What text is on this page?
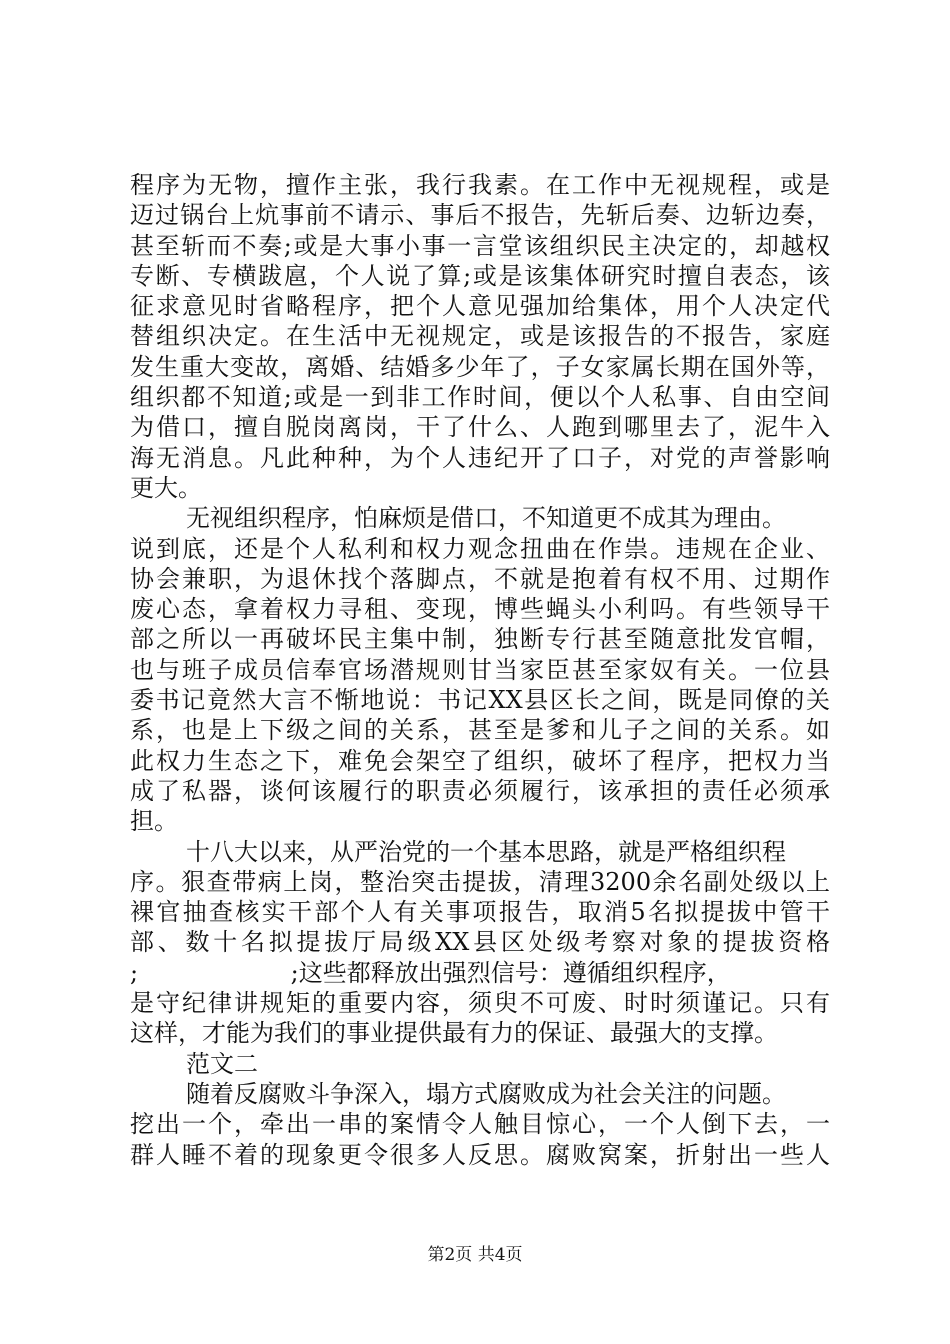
程序为无物，擅作主张，我行我素。在工作中无视规程，或是
迈过锅台上炕事前不请示、事后不报告，先斩后奏、边斩边奏，
甚至斩而不奏;或是大事小事一言堂该组织民主决定的，却越权
专断、专横跋扈，个人说了算;或是该集体研究时擅自表态，该
征求意见时省略程序，把个人意见强加给集体，用个人决定代
替组织决定。在生活中无视规定，或是该报告的不报告，家庭
发生重大变故，离婚、结婚多少年了，子女家属长期在国外等，
组织都不知道;或是一到非工作时间，便以个人私事、自由空间
为借口，擅自脱岗离岗，干了什么、人跑到哪里去了，泥牛入
海无消息。凡此种种，为个人违纪开了口子，对党的声誉影响
更大。
无视组织程序，怕麻烦是借口，不知道更不成其为理由。
说到底，还是个人私利和权力观念扭曲在作祟。违规在企业、
协会兼职，为退休找个落脚点，不就是抱着有权不用、过期作
废心态，拿着权力寻租、变现，博些蝇头小利吗。有些领导干
部之所以一再破坏民主集中制，独断专行甚至随意批发官帽，
也与班子成员信奉官场潜规则甘当家臣甚至家奴有关。一位县
委书记竟然大言不惭地说：书记XX县区长之间，既是同僚的关
系，也是上下级之间的关系，甚至是爹和儿子之间的关系。如
此权力生态之下，难免会架空了组织，破坏了程序，把权力当
成了私器，谈何该履行的职责必须履行，该承担的责任必须承
担。
十八大以来，从严治党的一个基本思路，就是严格组织程
序。狠查带病上岗，整治突击提拔，清理3200余名副处级以上
裸官抽查核实干部个人有关事项报告，取消5名拟提拔中管干
部、数十名拟提拔厅局级XX县区处级考察对象的提拔资格
;                    ;这些都释放出强烈信号：遵循组织程序，
是守纪律讲规矩的重要内容，须臾不可废、时时须谨记。只有
这样，才能为我们的事业提供最有力的保证、最强大的支撑。
范文二
随着反腐败斗争深入，塌方式腐败成为社会关注的问题。
挖出一个，牵出一串的案情令人触目惊心，一个人倒下去，一
群人睡不着的现象更令很多人反思。腐败窝案，折射出一些人
第2页 共4页
